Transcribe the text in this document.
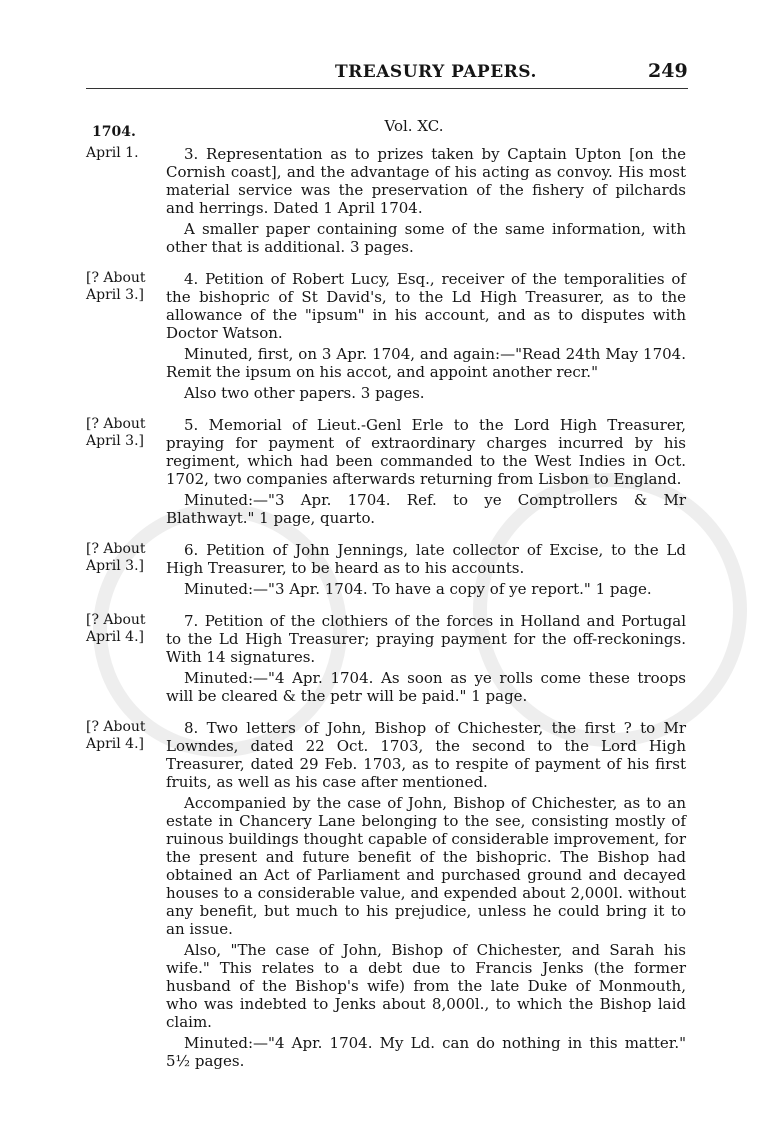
TREASURY PAPERS.	249
Vol. XC.
1704.
April 1.	3. Representation as to prizes taken by Captain Upton [on the Cornish coast], and the advantage of his acting as convoy. His most material service was the preservation of the fishery of pilchards and herrings. Dated 1 April 1704.

A smaller paper containing some of the same information, with other that is additional. 3 pages.

[? About
April 3.]

4. Petition of Robert Lucy, Esq., receiver of the temporalities of the bishopric of St David's, to the Ld High Treasurer, as to the allowance of the "ipsum" in his account, and as to disputes with Doctor Watson.

Minuted, first, on 3 Apr. 1704, and again:—"Read 24th May 1704. Remit the ipsum on his accot, and appoint another recr."

Also two other papers. 3 pages.

[? About
April 3.]

5. Memorial of Lieut.-Genl Erle to the Lord High Treasurer, praying for payment of extraordinary charges incurred by his regiment, which had been commanded to the West Indies in Oct. 1702, two companies afterwards returning from Lisbon to England.

Minuted:—"3 Apr. 1704. Ref. to ye Comptrollers & Mr Blathwayt." 1 page, quarto.

[? About
April 3.]

6. Petition of John Jennings, late collector of Excise, to the Ld High Treasurer, to be heard as to his accounts.

Minuted:—"3 Apr. 1704. To have a copy of ye report." 1 page.

[? About
April 4.]

7. Petition of the clothiers of the forces in Holland and Portugal to the Ld High Treasurer; praying payment for the off-reckonings. With 14 signatures.

Minuted:—"4 Apr. 1704. As soon as ye rolls come these troops will be cleared & the petr will be paid." 1 page.

[? About
April 4.]

8. Two letters of John, Bishop of Chichester, the first ? to Mr Lowndes, dated 22 Oct. 1703, the second to the Lord High Treasurer, dated 29 Feb. 1703, as to respite of payment of his first fruits, as well as his case after mentioned.

Accompanied by the case of John, Bishop of Chichester, as to an estate in Chancery Lane belonging to the see, consisting mostly of ruinous buildings thought capable of considerable improvement, for the present and future benefit of the bishopric. The Bishop had obtained an Act of Parliament and purchased ground and decayed houses to a considerable value, and expended about 2,000l. without any benefit, but much to his prejudice, unless he could bring it to an issue.

Also, "The case of John, Bishop of Chichester, and Sarah his wife." This relates to a debt due to Francis Jenks (the former husband of the Bishop's wife) from the late Duke of Monmouth, who was indebted to Jenks about 8,000l., to which the Bishop laid claim.

Minuted:—"4 Apr. 1704. My Ld. can do nothing in this matter." 5½ pages.
